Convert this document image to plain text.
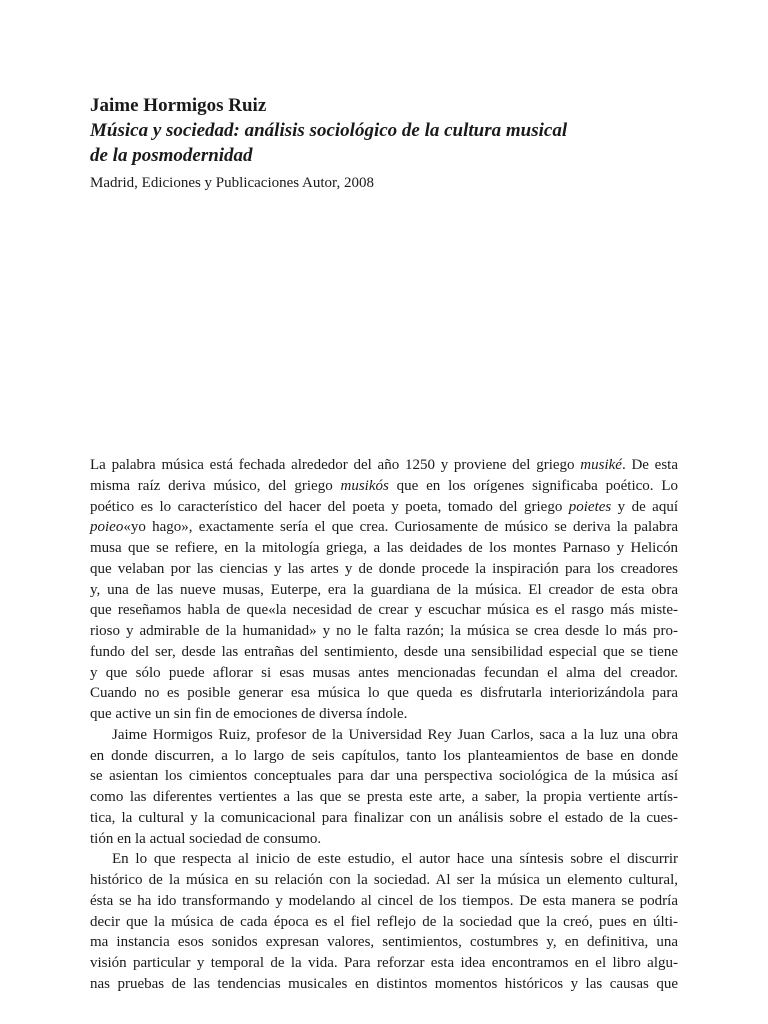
Jaime Hormigos Ruiz

Música y sociedad: análisis sociológico de la cultura musical
de la posmodernidad

Madrid, Ediciones y Publicaciones Autor, 2008

La palabra música está fechada alrededor del año 1250 y proviene del griego musiké. De esta
misma raíz deriva músico, del griego musikós que en los orígenes significaba poético. Lo
poético es lo característico del hacer del poeta y poeta, tomado del griego poietes y de aquí
poieo«yo hago», exactamente sería el que crea. Curiosamente de músico se deriva la palabra
musa que se refiere, en la mitología griega, a las deidades de los montes Parnaso y Helicón
que velaban por las ciencias y las artes y de donde procede la inspiración para los creadores
y, una de las nueve musas, Euterpe, era la guardiana de la música. El creador de esta obra
que reseñamos habla de que«la necesidad de crear y escuchar música es el rasgo más miste-
rioso y admirable de la humanidad» y no le falta razón; la música se crea desde lo más pro-
fundo del ser, desde las entrañas del sentimiento, desde una sensibilidad especial que se tiene
y que sólo puede aflorar si esas musas antes mencionadas fecundan el alma del creador.
Cuando no es posible generar esa música lo que queda es disfrutarla interiorizándola para
que active un sin fin de emociones de diversa índole.

Jaime Hormigos Ruiz, profesor de la Universidad Rey Juan Carlos, saca a la luz una obra
en donde discurren, a lo largo de seis capítulos, tanto los planteamientos de base en donde
se asientan los cimientos conceptuales para dar una perspectiva sociológica de la música así
como las diferentes vertientes a las que se presta este arte, a saber, la propia vertiente artís-
tica, la cultural y la comunicacional para finalizar con un análisis sobre el estado de la cues-
tión en la actual sociedad de consumo.

En lo que respecta al inicio de este estudio, el autor hace una síntesis sobre el discurrir
histórico de la música en su relación con la sociedad. Al ser la música un elemento cultural,
ésta se ha ido transformando y modelando al cincel de los tiempos. De esta manera se podría
decir que la música de cada época es el fiel reflejo de la sociedad que la creó, pues en últi-
ma instancia esos sonidos expresan valores, sentimientos, costumbres y, en definitiva, una
visión particular y temporal de la vida. Para reforzar esta idea encontramos en el libro algu-
nas pruebas de las tendencias musicales en distintos momentos históricos y las causas que
